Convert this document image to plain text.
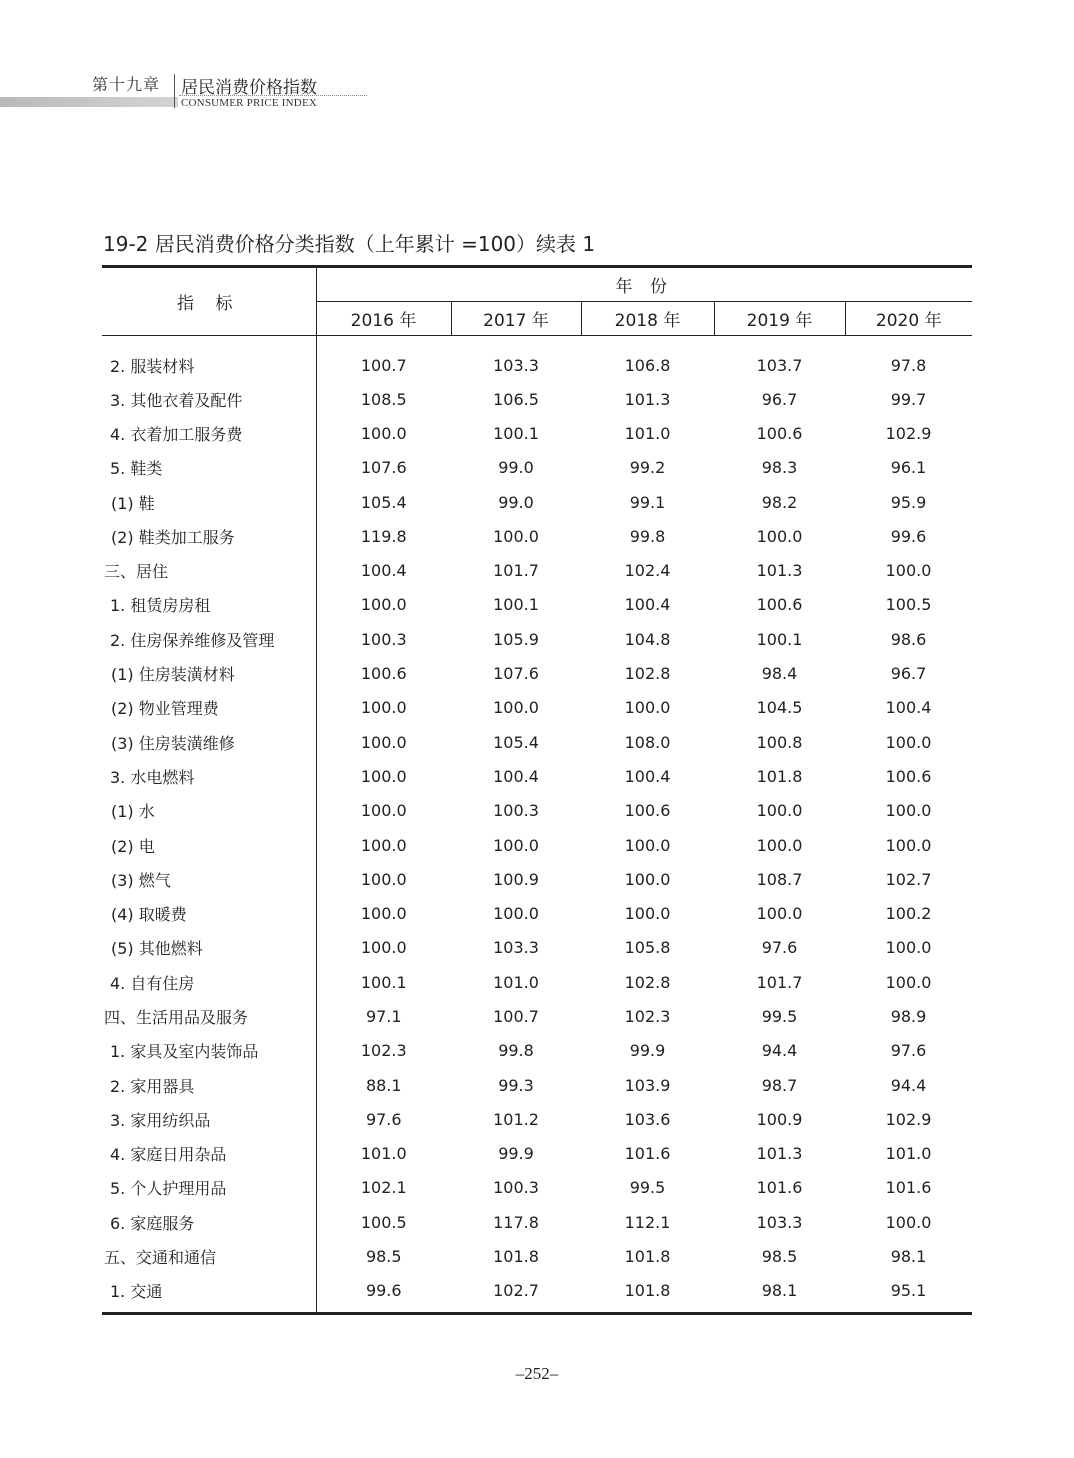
第十九章 居民消费价格指数
CONSUMER PRICE INDEX
19-2 居民消费价格分类指数（上年累计 =100）续表 1
指 标	年 份				
	2016 年	2017 年	2018 年	2019 年	2020 年
2. 服装材料	100.7	103.3	106.8	103.7	97.8
3. 其他衣着及配件	108.5	106.5	101.3	96.7	99.7
4. 衣着加工服务费	100.0	100.1	101.0	100.6	102.9
5. 鞋类	107.6	99.0	99.2	98.3	96.1
(1) 鞋	105.4	99.0	99.1	98.2	95.9
(2) 鞋类加工服务	119.8	100.0	99.8	100.0	99.6
三、居住	100.4	101.7	102.4	101.3	100.0
1. 租赁房房租	100.0	100.1	100.4	100.6	100.5
2. 住房保养维修及管理	100.3	105.9	104.8	100.1	98.6
(1) 住房装潢材料	100.6	107.6	102.8	98.4	96.7
(2) 物业管理费	100.0	100.0	100.0	104.5	100.4
(3) 住房装潢维修	100.0	105.4	108.0	100.8	100.0
3. 水电燃料	100.0	100.4	100.4	101.8	100.6
(1) 水	100.0	100.3	100.6	100.0	100.0
(2) 电	100.0	100.0	100.0	100.0	100.0
(3) 燃气	100.0	100.9	100.0	108.7	102.7
(4) 取暖费	100.0	100.0	100.0	100.0	100.2
(5) 其他燃料	100.0	103.3	105.8	97.6	100.0
4. 自有住房	100.1	101.0	102.8	101.7	100.0
四、生活用品及服务	97.1	100.7	102.3	99.5	98.9
1. 家具及室内装饰品	102.3	99.8	99.9	94.4	97.6
2. 家用器具	88.1	99.3	103.9	98.7	94.4
3. 家用纺织品	97.6	101.2	103.6	100.9	102.9
4. 家庭日用杂品	101.0	99.9	101.6	101.3	101.0
5. 个人护理用品	102.1	100.3	99.5	101.6	101.6
6. 家庭服务	100.5	117.8	112.1	103.3	100.0
五、交通和通信	98.5	101.8	101.8	98.5	98.1
1. 交通	99.6	102.7	101.8	98.1	95.1
–252–
